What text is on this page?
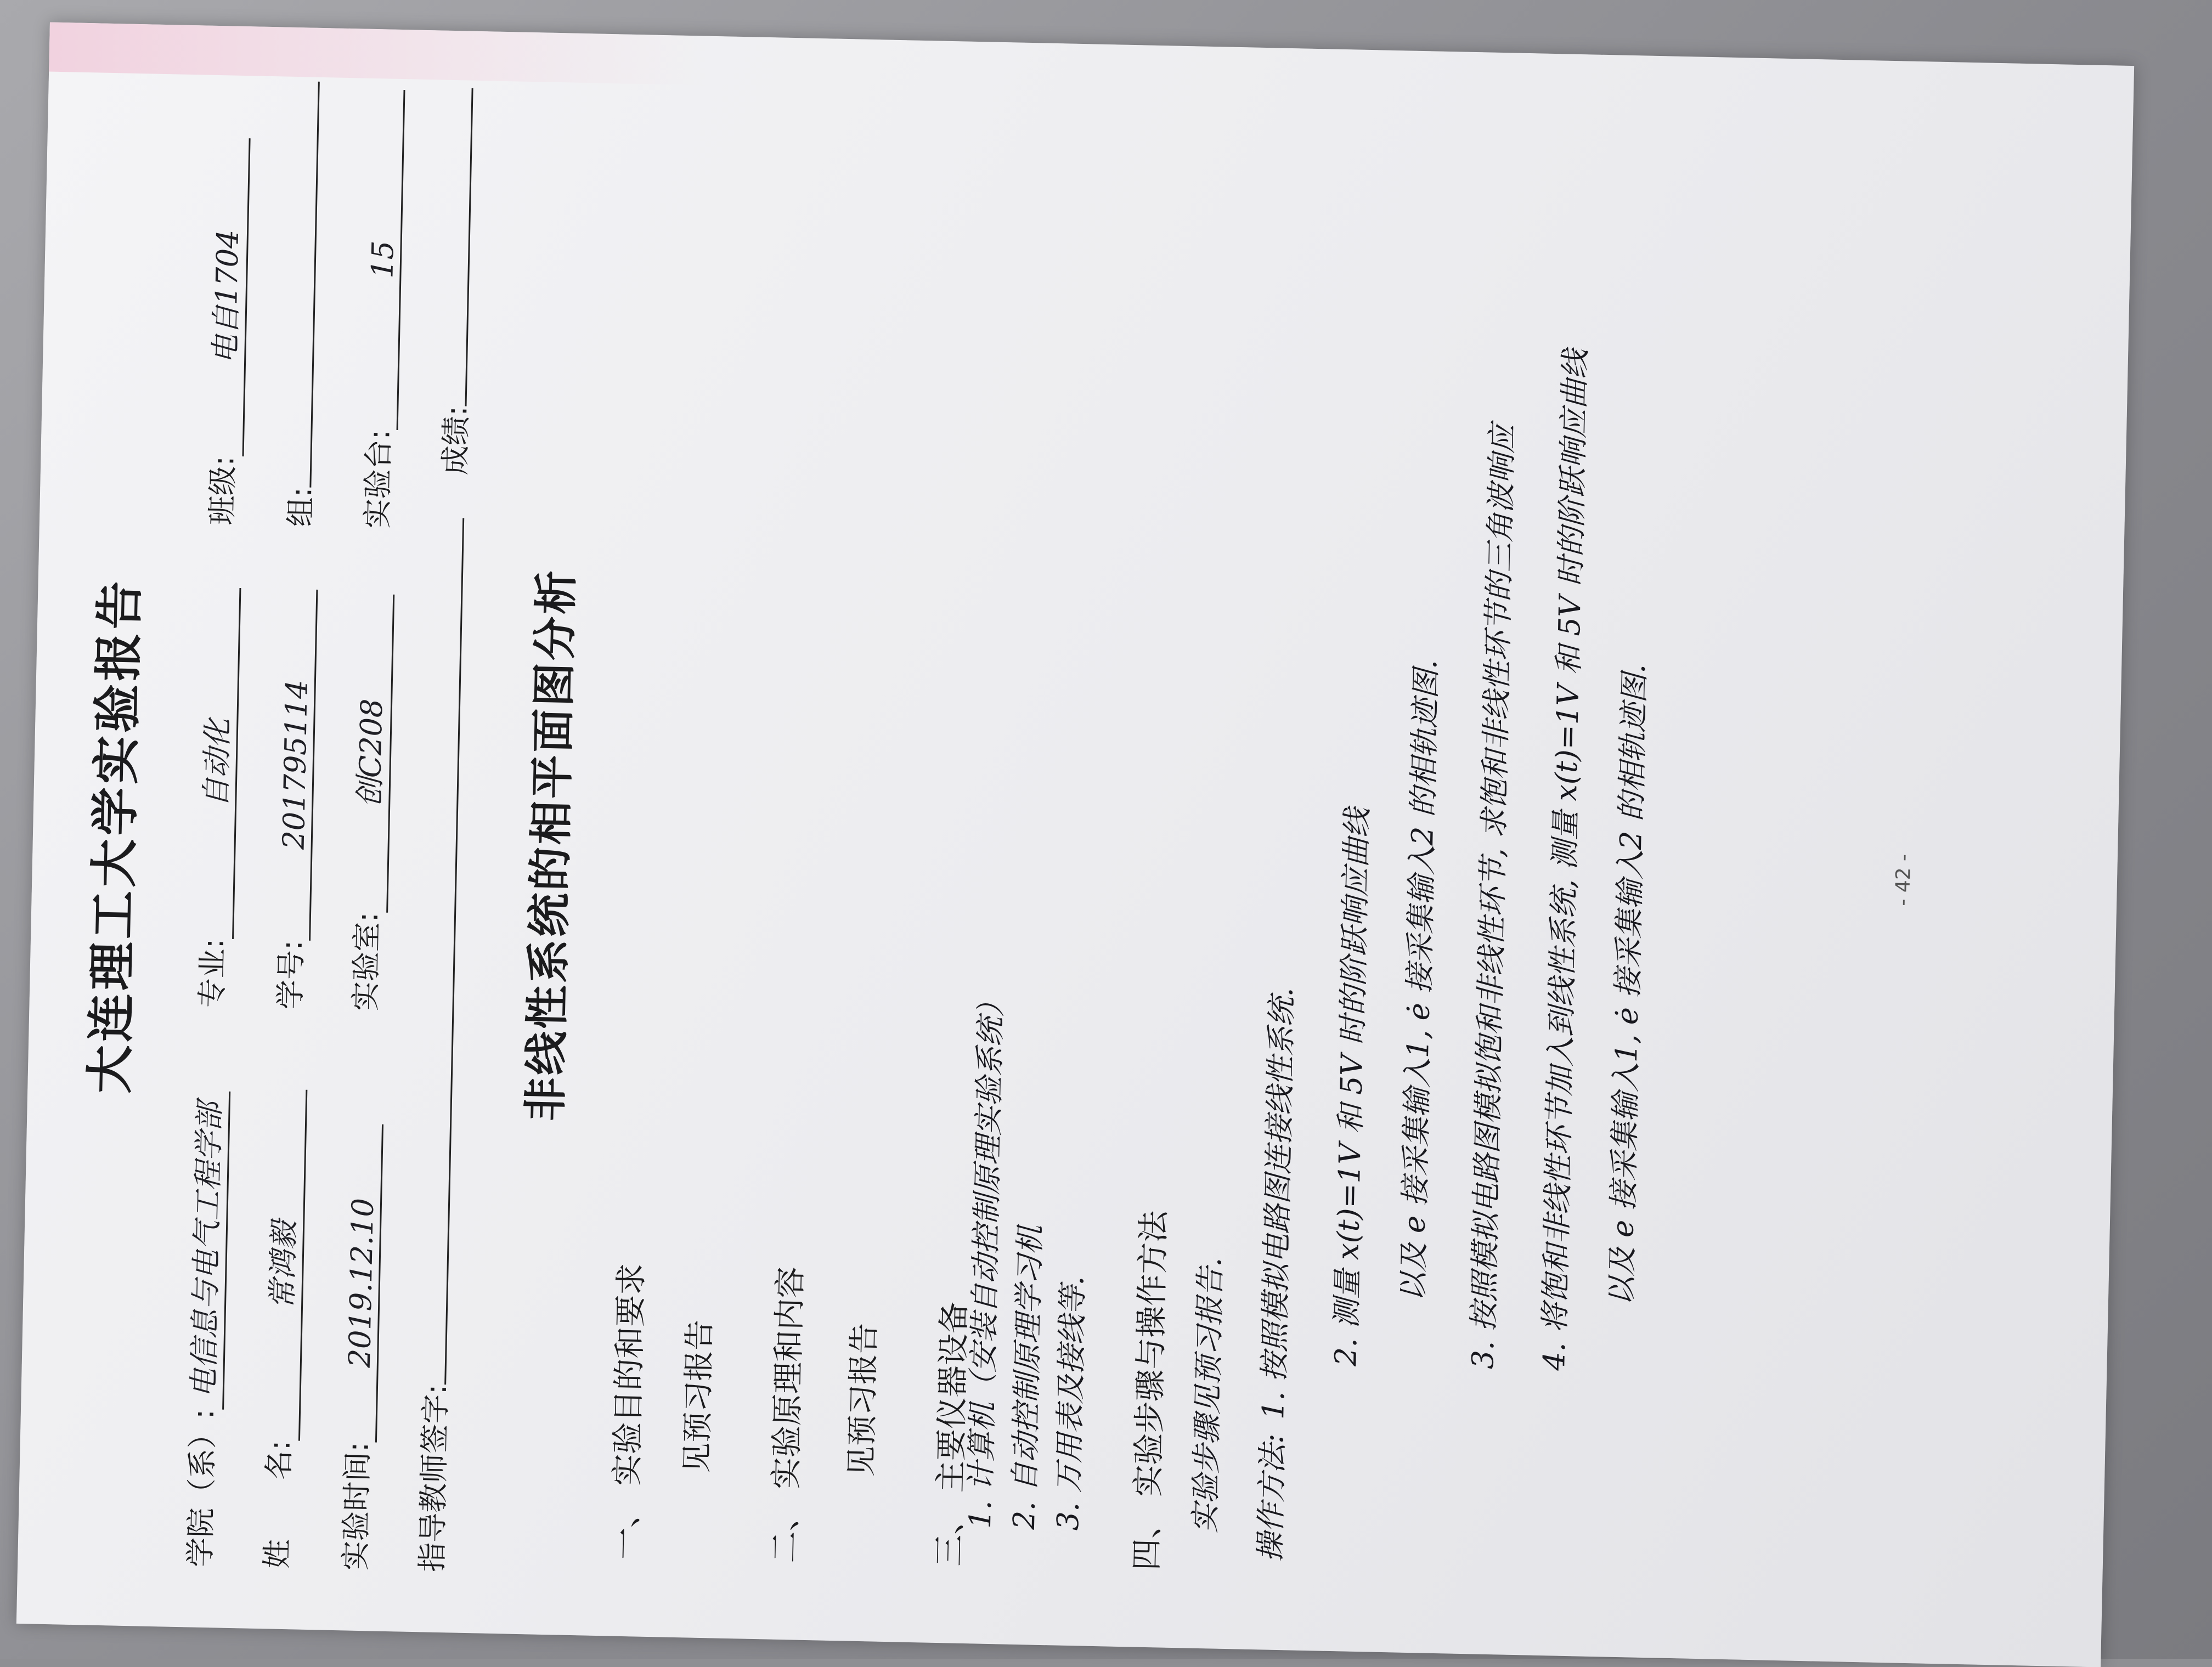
大连理工大学实验报告
学院（系）:电信息与电气工程学部
专业:自动化
班级:电自1704
姓　　名:常鸿毅
学号:201795114
组:
实验时间:2019.12.10
实验室:创C208
实验台:15
指导教师签字:
成绩:
非线性系统的相平面图分析
一、 实验目的和要求 见预习报告 二、 实验原理和内容 见预习报告 三、 主要仪器设备
1. 计算机（安装自动控制原理实验系统）
2. 自动控制原理学习机 3. 万用表及接线等. 四、 实验步骤与操作方法 实验步骤见预习报告. 操作方法:
1. 按照模拟电路图连接线性系统. 2. 测量 x(t)=1V 和 5V 时的阶跃响应曲线 以及 e 接采集输入1, ė 接采集输入2 的相轨迹图. 3. 按照模拟电路图模拟饱和非线性环节, 求饱和非线性环节的三角波响应 4. 将饱和非线性环节加入到线性系统, 测量 x(t)=1V 和 5V 时的阶跃响应曲线 以及 e 接采集输入1, ė 接采集输入2 的相轨迹图.	- 42 -
